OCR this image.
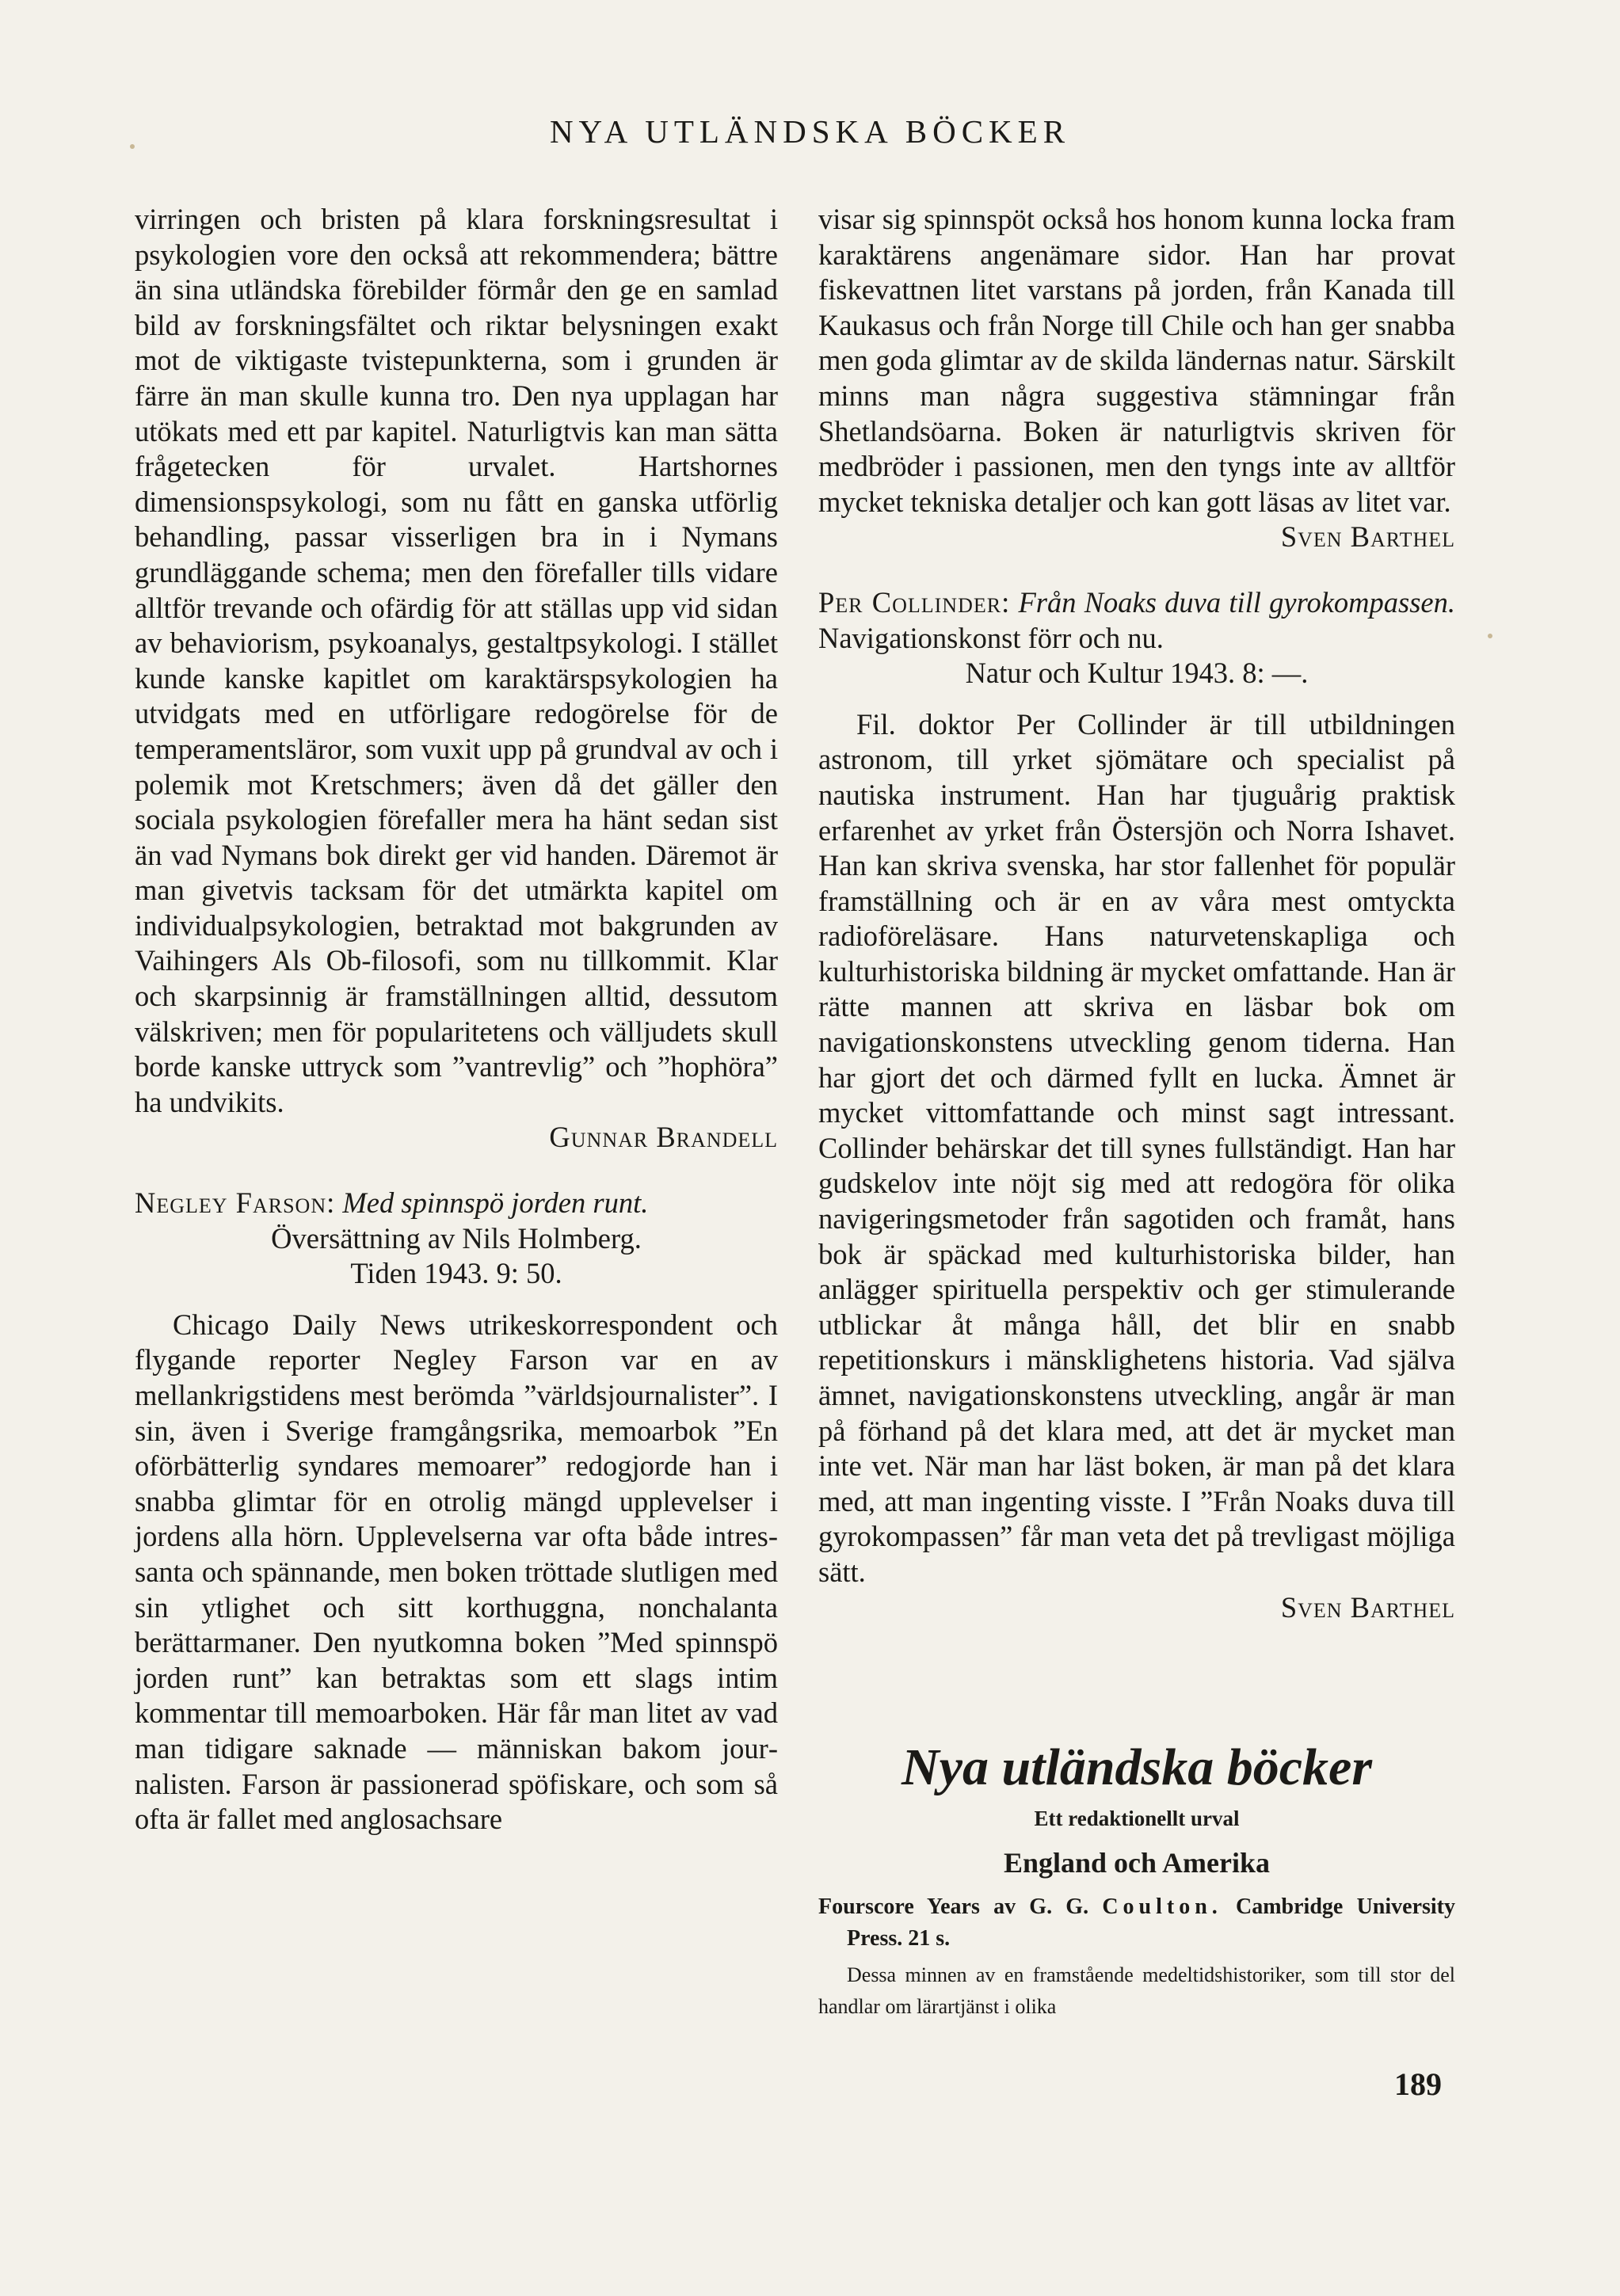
NYA UTLÄNDSKA BÖCKER

virringen och bristen på klara forskningsresultat i psykologien vore den också att rekommendera; bättre än sina utländska förebilder förmår den ge en samlad bild av forskningsfältet och riktar belysningen exakt mot de viktigaste tvistepunkterna, som i grunden är färre än man skulle kunna tro. Den nya upplagan har utökats med ett par kapitel. Naturligtvis kan man sätta frågetecken för urvalet. Hartshornes dimensionspsykologi, som nu fått en ganska utförlig behandling, passar visserligen bra in i Nymans grundläggande schema; men den förefaller tills vidare alltför trevande och ofärdig för att ställas upp vid sidan av behaviorism, psykoanalys, gestaltpsykologi. I stället kunde kanske kapitlet om karaktärspsykologien ha utvidgats med en utförligare redogörelse för de temperamentsläror, som vuxit upp på grundval av och i polemik mot Kretschmers; även då det gäller den sociala psykologien förefaller mera ha hänt sedan sist än vad Nymans bok direkt ger vid handen. Däremot är man givetvis tacksam för det utmärkta kapitel om individualpsykologien, betraktad mot bakgrunden av Vaihingers Als Ob-filosofi, som nu tillkommit. Klar och skarpsinnig är framställningen alltid, dessutom välskriven; men för popularitetens och välljudets skull borde kanske uttryck som ”vantrevlig” och ”hophöra” ha undvikits.

Gunnar Brandell

Negley Farson: Med spinnspö jorden runt.
Översättning av Nils Holmberg.
Tiden 1943. 9: 50.

Chicago Daily News utrikeskorrespondent och flygande reporter Negley Farson var en av mellankrigstidens mest berömda ”världsjournalister”. I sin, även i Sverige framgångsrika, memoarbok ”En oförbätterlig syndares memoarer” redogjorde han i snabba glimtar för en otrolig mängd upplevelser i jordens alla hörn. Upplevelserna var ofta både intressanta och spännande, men boken tröttade slutligen med sin ytlighet och sitt korthuggna, nonchalanta berättarmaner. Den nyutkomna boken ”Med spinnspö jorden runt” kan betraktas som ett slags intim kommentar till memoarboken. Här får man litet av vad man tidigare saknade — människan bakom journalisten. Farson är passionerad spöfiskare, och som så ofta är fallet med anglosachsare

visar sig spinnspöt också hos honom kunna locka fram karaktärens angenämare sidor. Han har provat fiskevattnen litet varstans på jorden, från Kanada till Kaukasus och från Norge till Chile och han ger snabba men goda glimtar av de skilda ländernas natur. Särskilt minns man några suggestiva stämningar från Shetlandsöarna. Boken är naturligtvis skriven för medbröder i passionen, men den tyngs inte av alltför mycket tekniska detaljer och kan gott läsas av litet var.

Sven Barthel

Per Collinder: Från Noaks duva till gyrokompassen. Navigationskonst förr och nu.
Natur och Kultur 1943. 8: —.

Fil. doktor Per Collinder är till utbildningen astronom, till yrket sjömätare och specialist på nautiska instrument. Han har tjuguårig praktisk erfarenhet av yrket från Östersjön och Norra Ishavet. Han kan skriva svenska, har stor fallenhet för populär framställning och är en av våra mest omtyckta radioföreläsare. Hans naturvetenskapliga och kulturhistoriska bildning är mycket omfattande. Han är rätte mannen att skriva en läsbar bok om navigationskonstens utveckling genom tiderna. Han har gjort det och därmed fyllt en lucka. Ämnet är mycket vittomfattande och minst sagt intressant. Collinder behärskar det till synes fullständigt. Han har gudskelov inte nöjt sig med att redogöra för olika navigeringsmetoder från sagotiden och framåt, hans bok är späckad med kulturhistoriska bilder, han anlägger spirituella perspektiv och ger stimulerande utblickar åt många håll, det blir en snabb repetitionskurs i mänsklighetens historia. Vad själva ämnet, navigationskonstens utveckling, angår är man på förhand på det klara med, att det är mycket man inte vet. När man har läst boken, är man på det klara med, att man ingenting visste. I ”Från Noaks duva till gyrokompassen” får man veta det på trevligast möjliga sätt.

Sven Barthel

Nya utländska böcker
Ett redaktionellt urval
England och Amerika
Fourscore Years av G. G. Coulton. Cambridge University Press. 21 s.
Dessa minnen av en framstående medeltidshistoriker, som till stor del handlar om lärartjänst i olika
189
